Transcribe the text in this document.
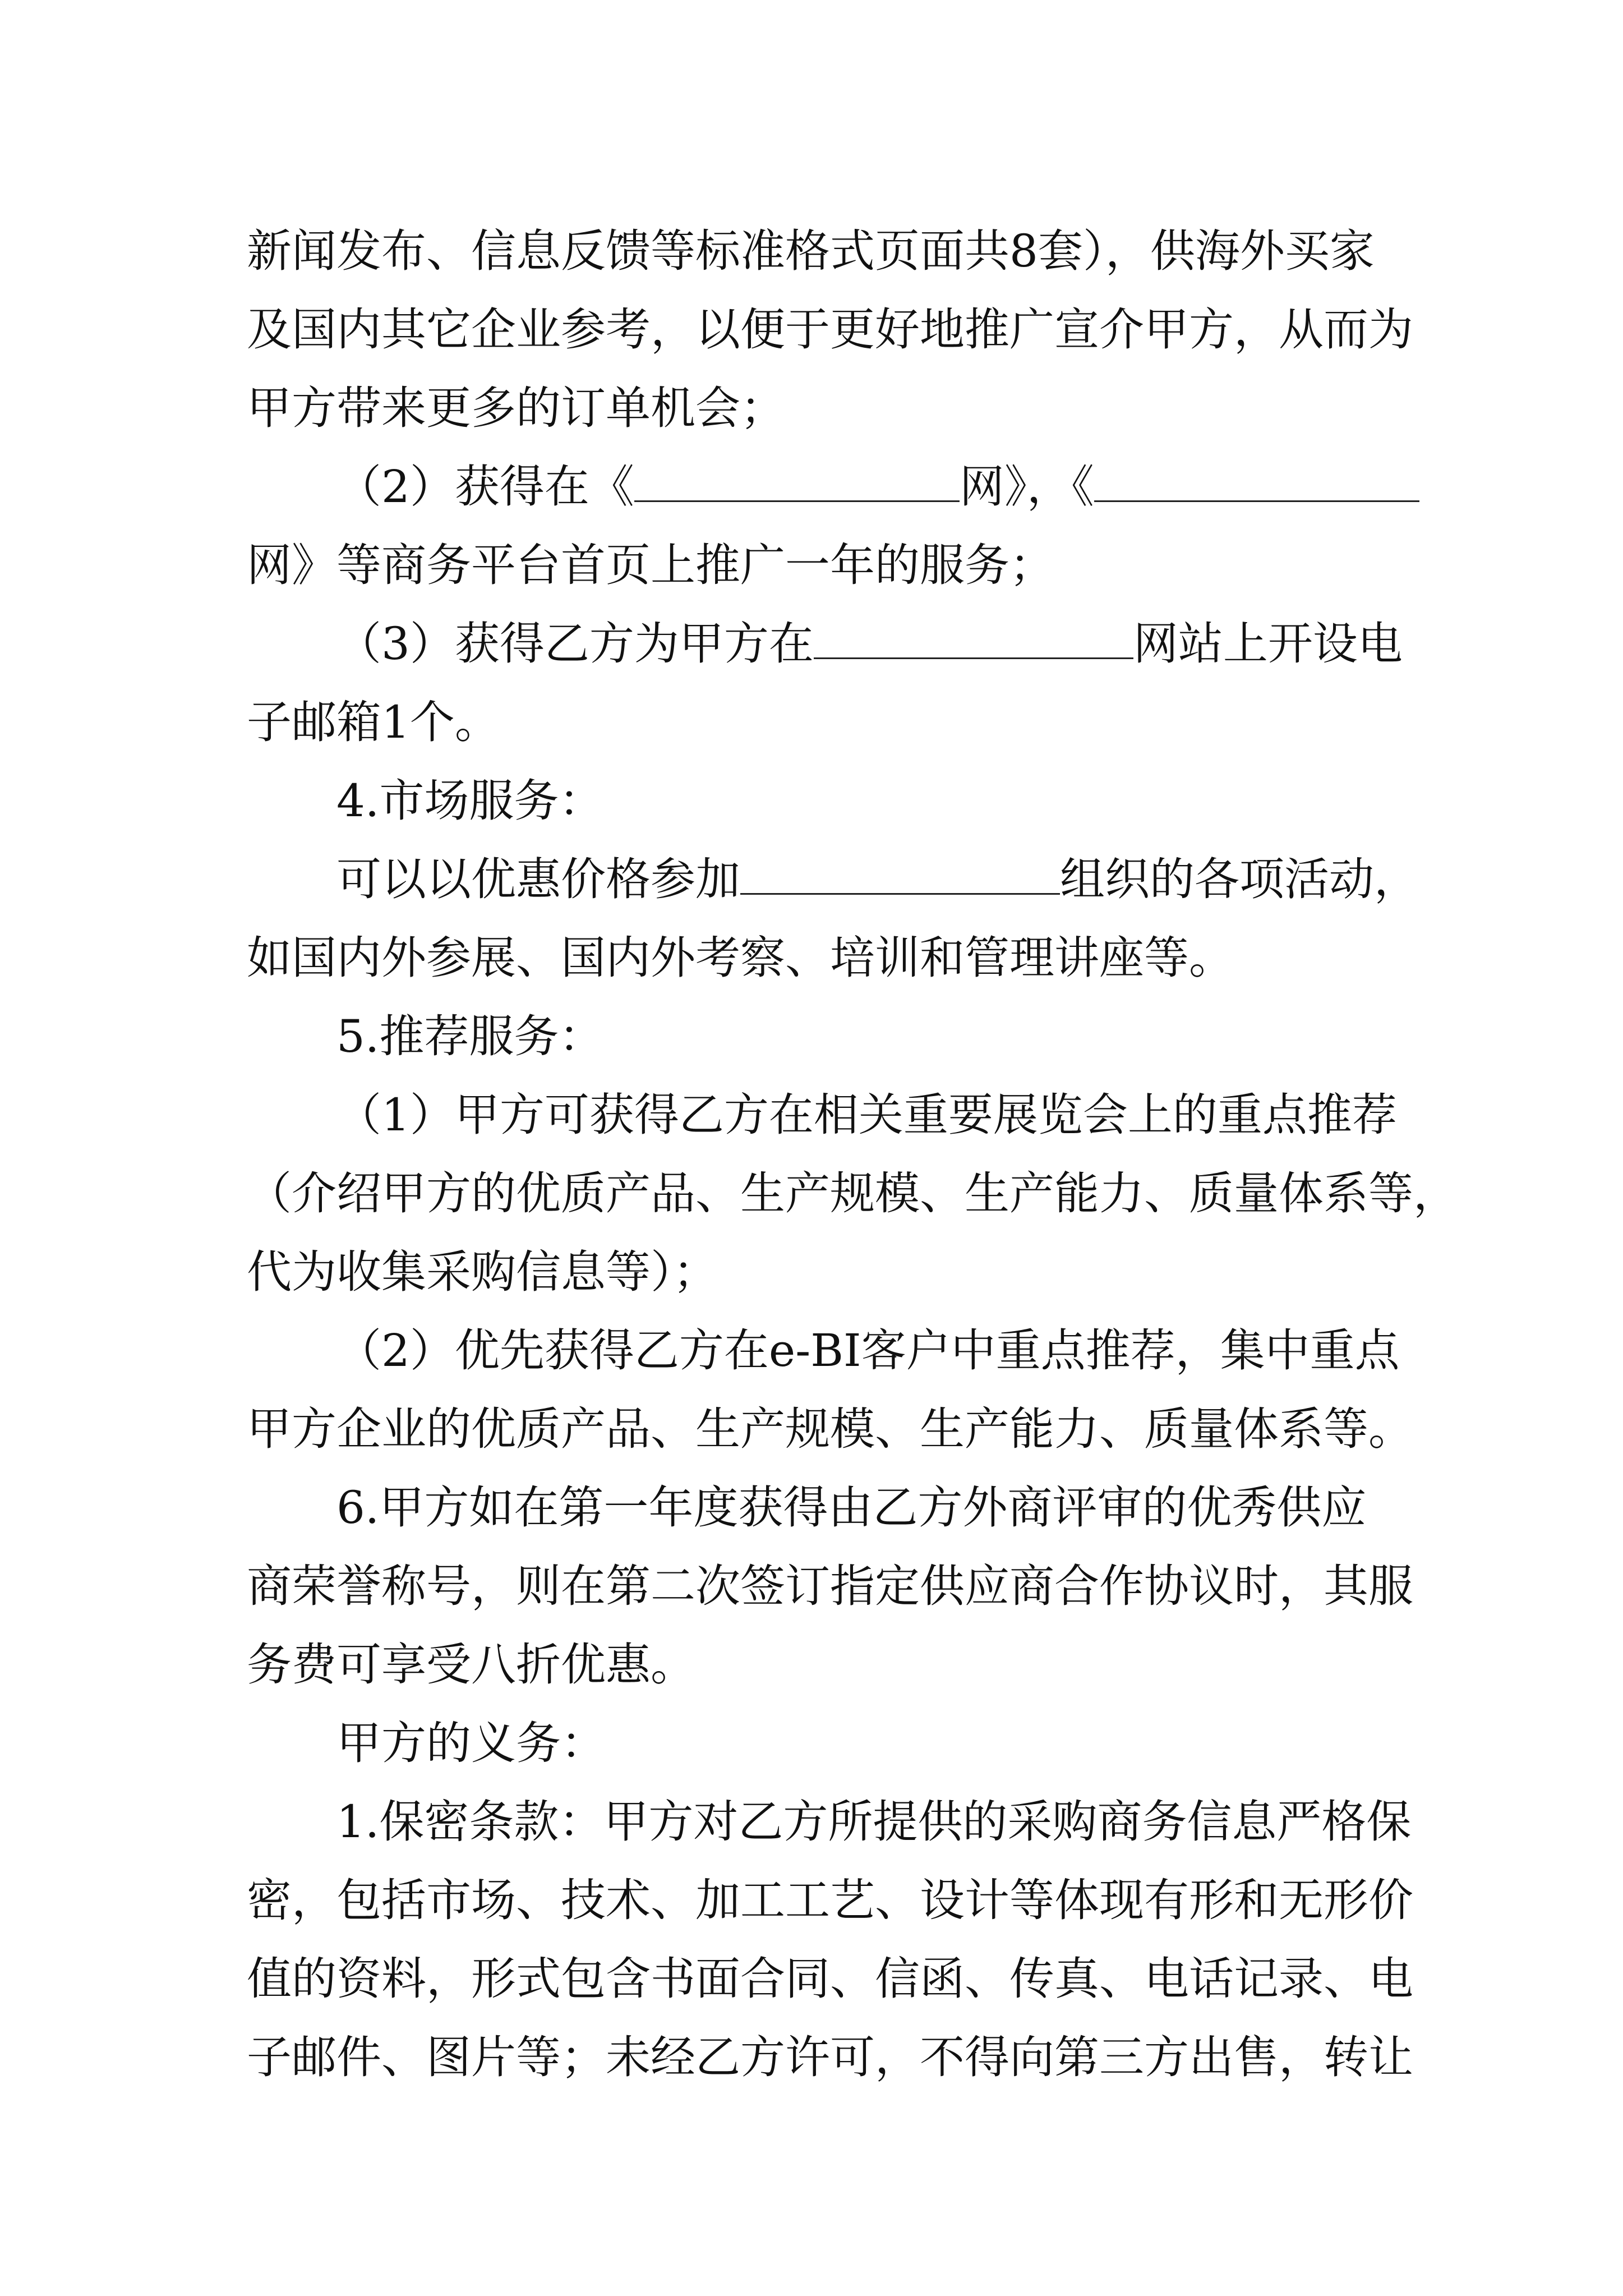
新闻发布、信息反馈等标准格式页面共8套），供海外买家
及国内其它企业参考，以便于更好地推广宣介甲方，从而为
甲方带来更多的订单机会；
（2）获得在《	网》，《
网》等商务平台首页上推广一年的服务；
（3）获得乙方为甲方在	网站上开设电
子邮箱1个。
4.市场服务：
可以以优惠价格参加	组织的各项活动，
如国内外参展、国内外考察、培训和管理讲座等。
5.推荐服务：
（1）甲方可获得乙方在相关重要展览会上的重点推荐
（介绍甲方的优质产品、生产规模、生产能力、质量体系等，
代为收集采购信息等）；
（2）优先获得乙方在e-BI客户中重点推荐，集中重点
甲方企业的优质产品、生产规模、生产能力、质量体系等。
6.甲方如在第一年度获得由乙方外商评审的优秀供应
商荣誉称号，则在第二次签订指定供应商合作协议时，其服
务费可享受八折优惠。
甲方的义务：
1.保密条款：甲方对乙方所提供的采购商务信息严格保
密，包括市场、技术、加工工艺、设计等体现有形和无形价
值的资料，形式包含书面合同、信函、传真、电话记录、电
子邮件、图片等；未经乙方许可，不得向第三方出售，转让
